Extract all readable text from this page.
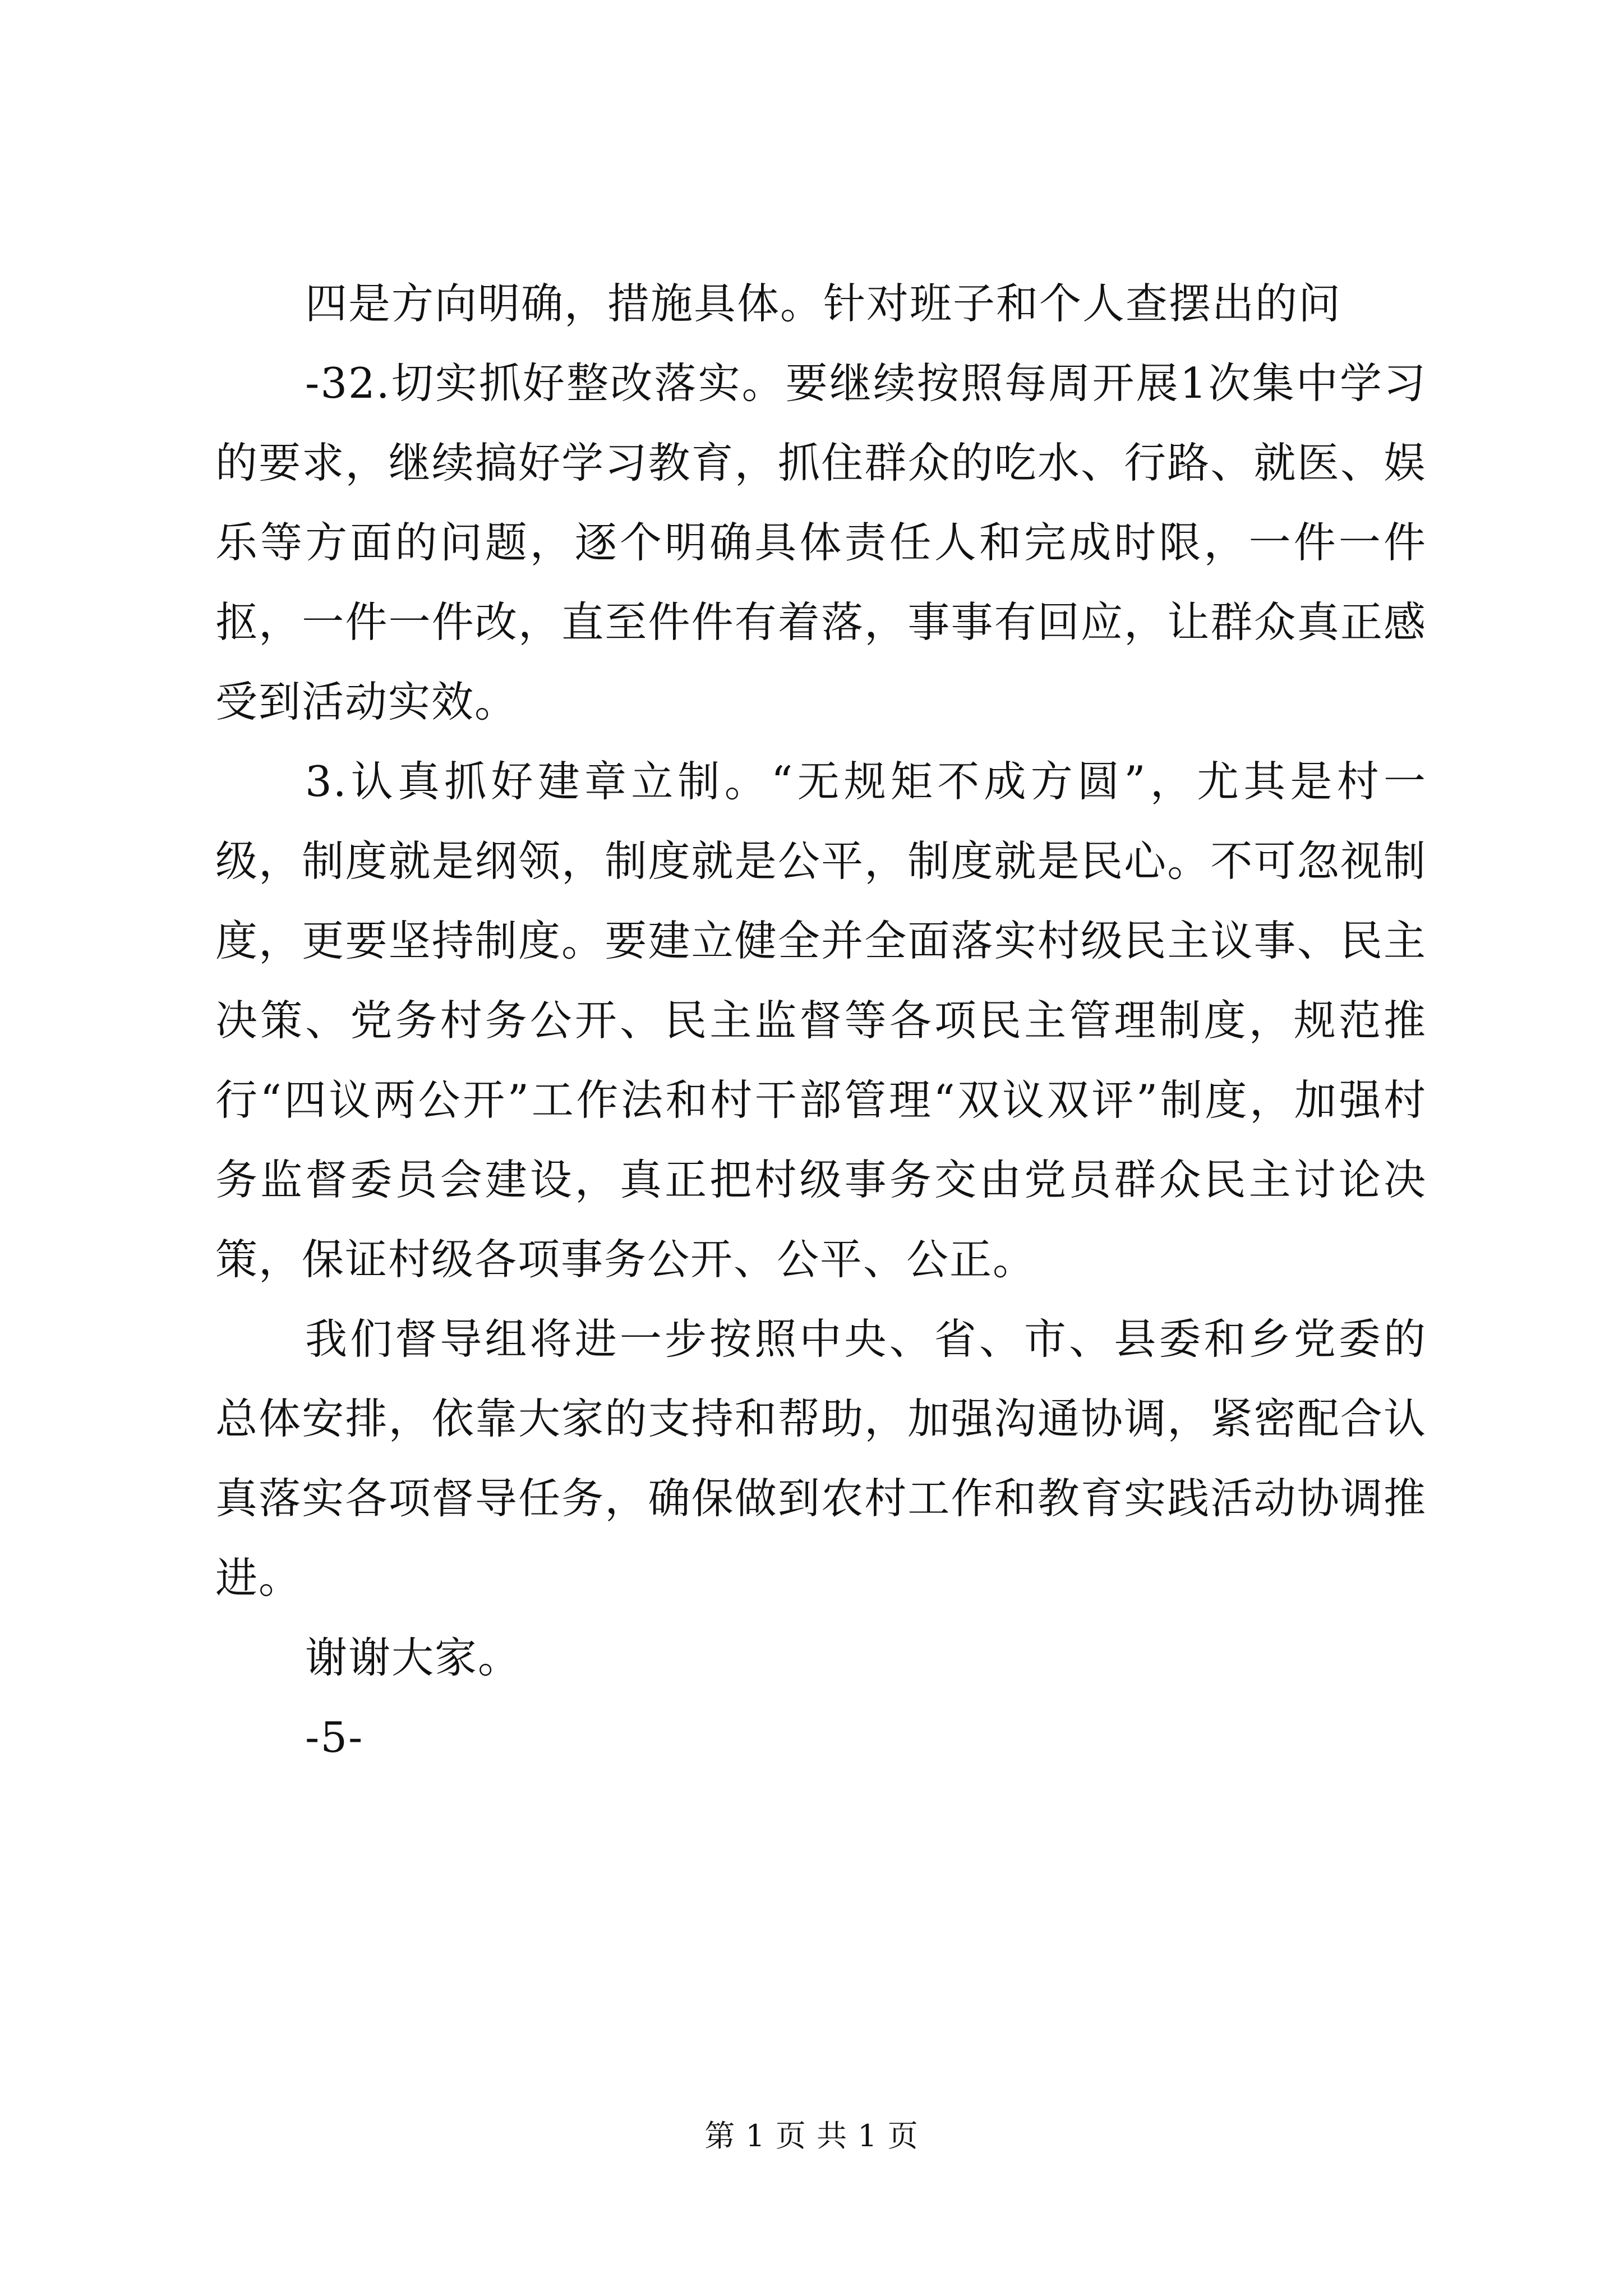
四是方向明确，措施具体。针对班子和个人查摆出的问

-32.切实抓好整改落实。要继续按照每周开展1次集中学习的要求，继续搞好学习教育，抓住群众的吃水、行路、就医、娱乐等方面的问题，逐个明确具体责任人和完成时限，一件一件抠，一件一件改，直至件件有着落，事事有回应，让群众真正感受到活动实效。

3.认真抓好建章立制。“无规矩不成方圆”，尤其是村一级，制度就是纲领，制度就是公平，制度就是民心。不可忽视制度，更要坚持制度。要建立健全并全面落实村级民主议事、民主决策、党务村务公开、民主监督等各项民主管理制度，规范推行“四议两公开”工作法和村干部管理“双议双评”制度，加强村务监督委员会建设，真正把村级事务交由党员群众民主讨论决策，保证村级各项事务公开、公平、公正。

我们督导组将进一步按照中央、省、市、县委和乡党委的总体安排，依靠大家的支持和帮助，加强沟通协调，紧密配合认真落实各项督导任务，确保做到农村工作和教育实践活动协调推进。

谢谢大家。

-5-

第 1 页 共 1 页
